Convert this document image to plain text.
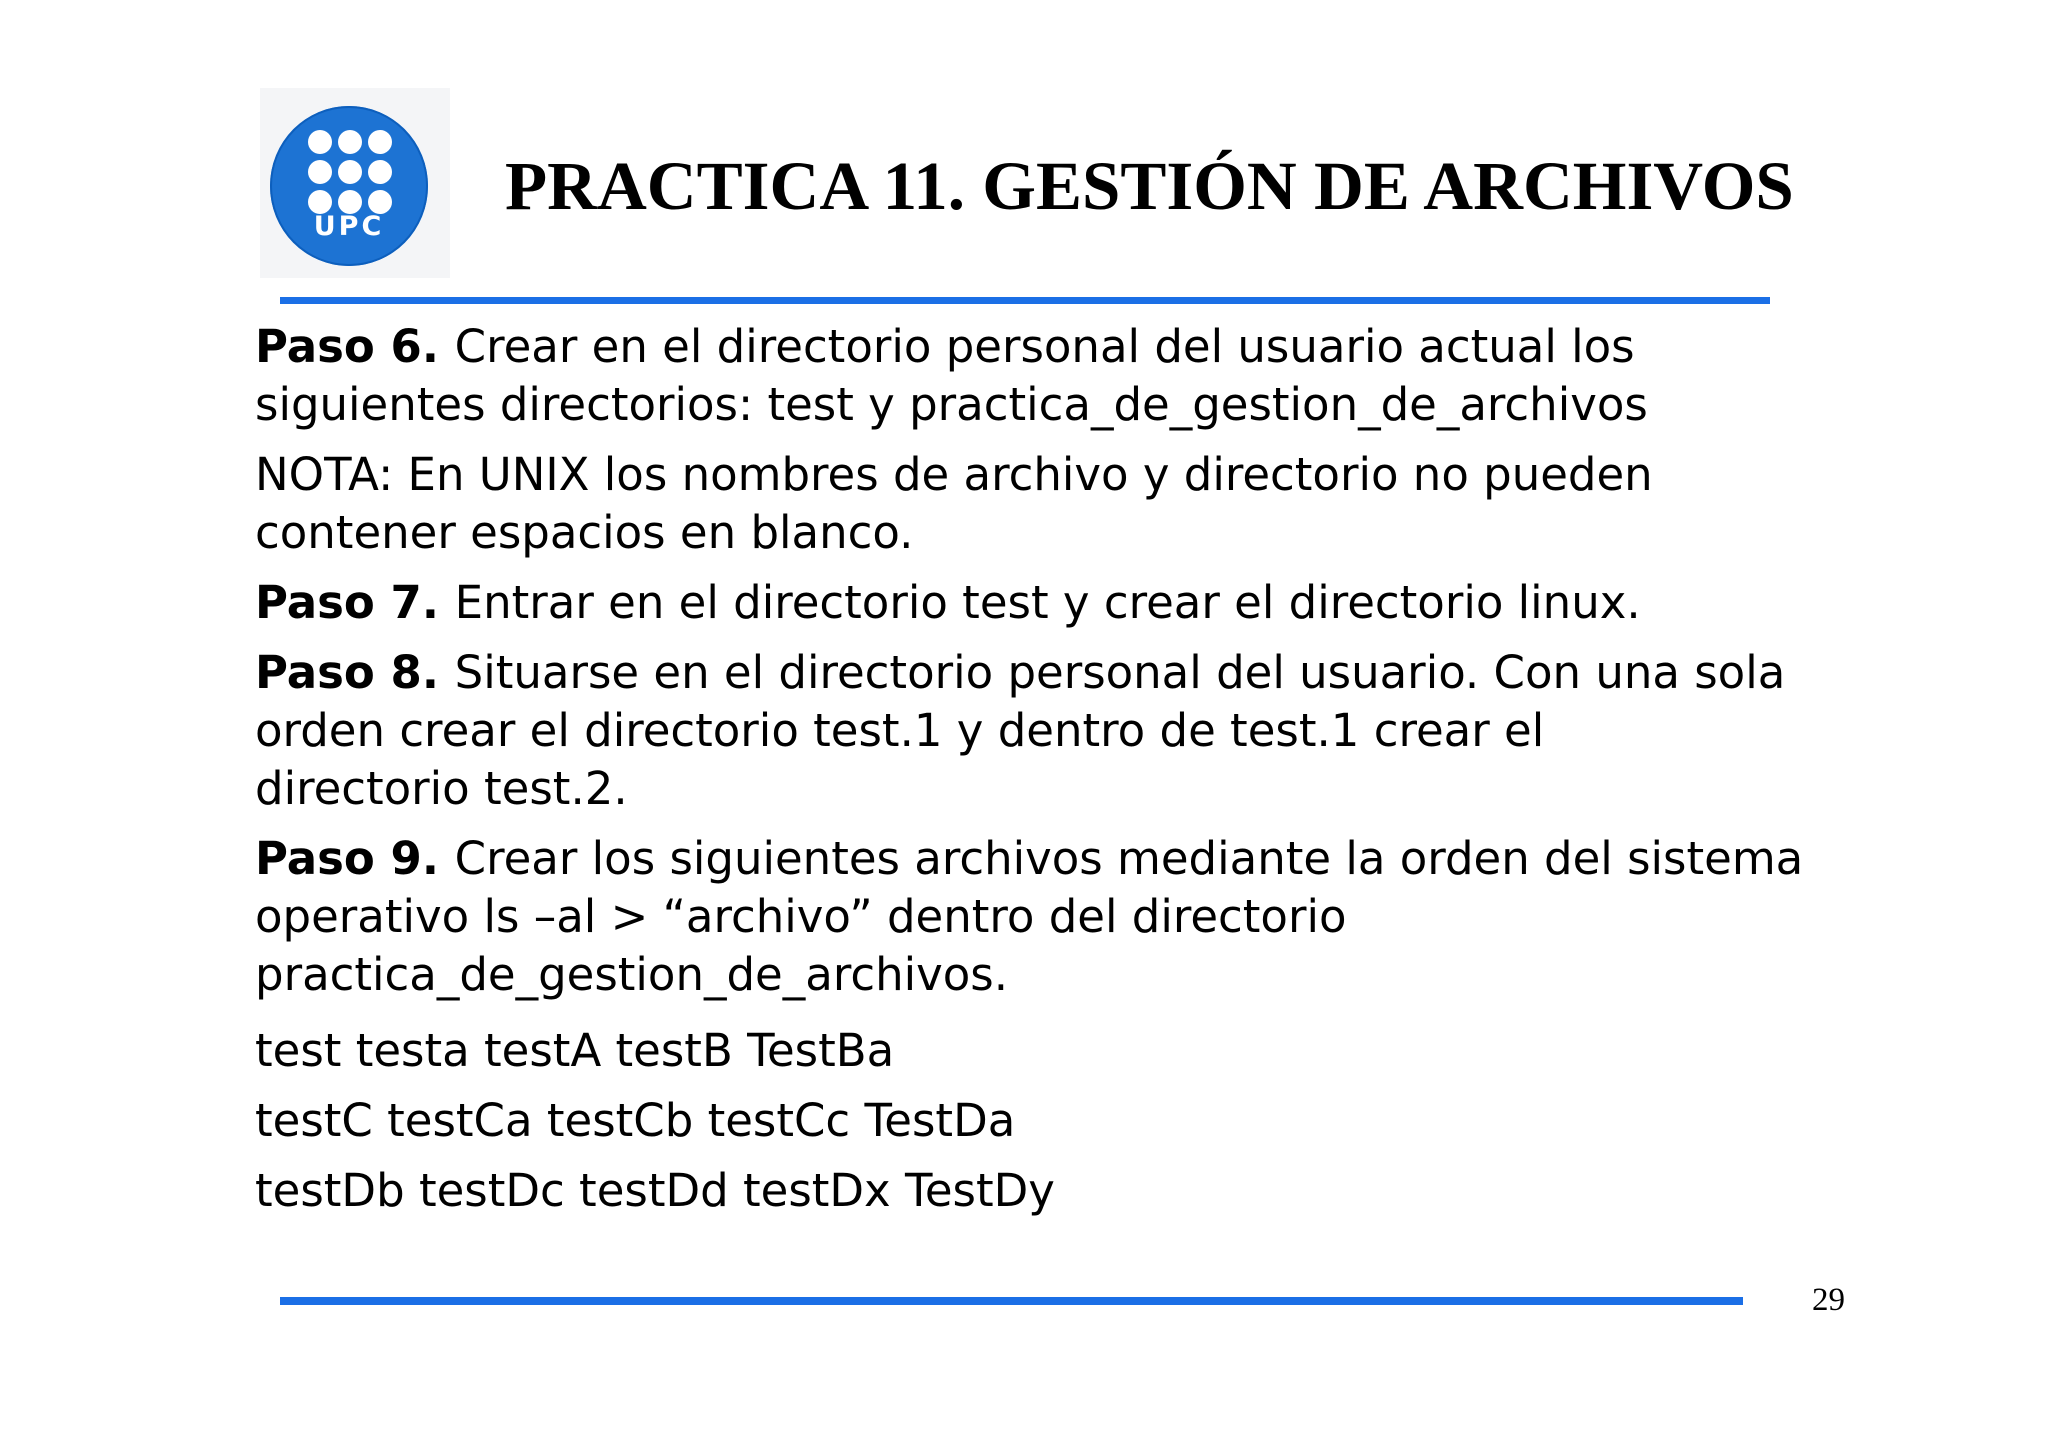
UPC
PRACTICA 11. GESTIÓN DE ARCHIVOS
Paso 6. Crear en el directorio personal del usuario actual los
siguientes directorios: test y practica_de_gestion_de_archivos
NOTA: En UNIX los nombres de archivo y directorio no pueden
contener espacios en blanco.
Paso 7. Entrar en el directorio test y crear el directorio linux.
Paso 8. Situarse en el directorio personal del usuario. Con una sola
orden crear el directorio test.1 y dentro de test.1 crear el
directorio test.2.
Paso 9. Crear los siguientes archivos mediante la orden del sistema
operativo ls –al > “archivo” dentro del directorio
practica_de_gestion_de_archivos.
test testa testA testB TestBa
testC testCa testCb testCc TestDa
testDb testDc testDd testDx TestDy
29
